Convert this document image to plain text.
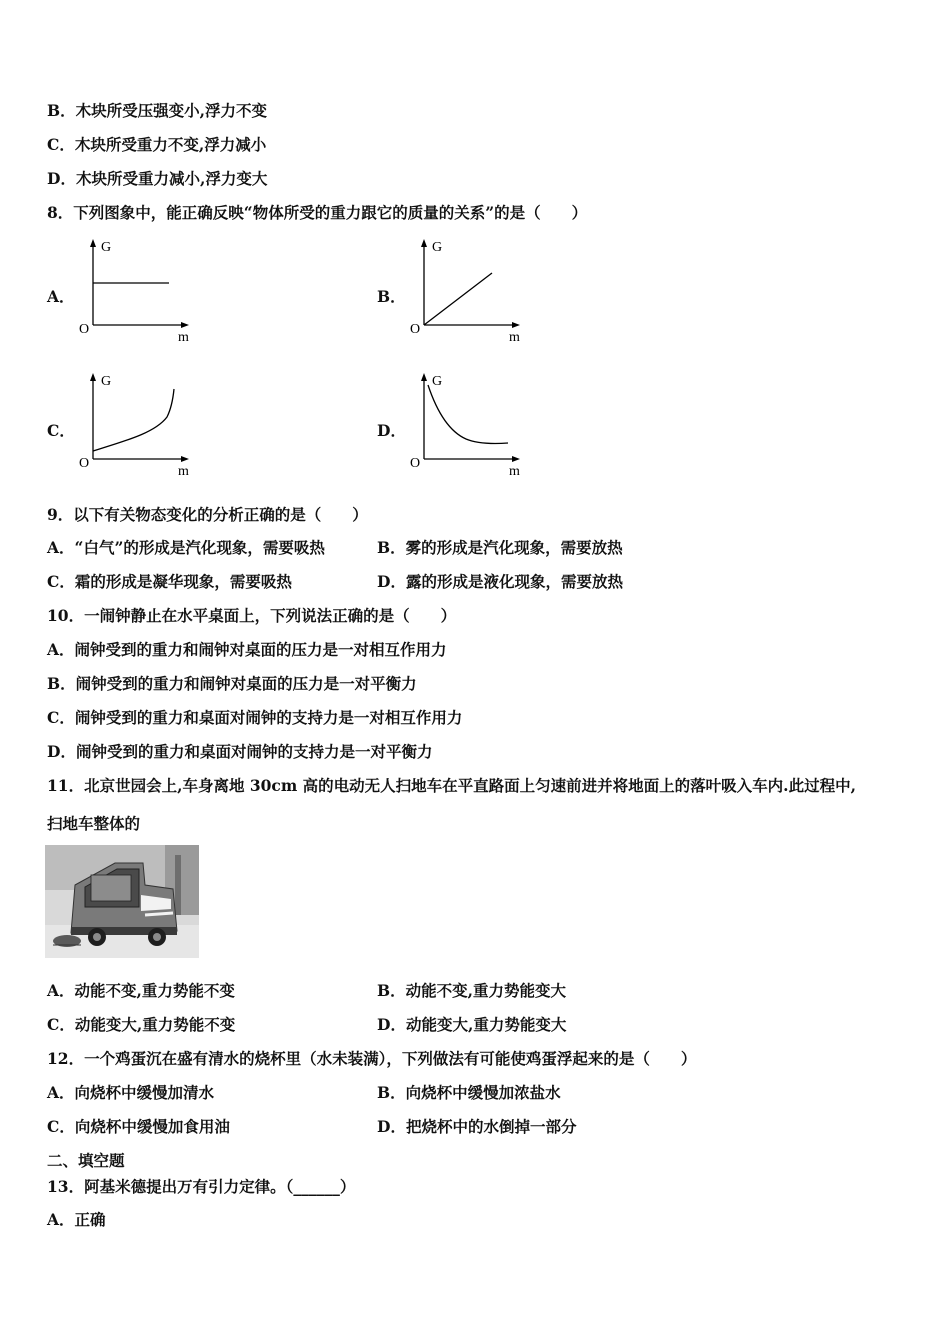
B．木块所受压强变小,浮力不变
C．木块所受重力不变,浮力减小
D．木块所受重力减小,浮力变大
8．下列图象中，能正确反映“物体所受的重力跟它的质量的关系”的是（　　）
A．
G
m
O
B．
G
m
O
C．
G
m
O
D．
G
m
O
9．以下有关物态变化的分析正确的是（　　）
A．“白气”的形成是汽化现象，需要吸热	B．雾的形成是汽化现象，需要放热
C．霜的形成是凝华现象，需要吸热	D．露的形成是液化现象，需要放热
10．一闹钟静止在水平桌面上，下列说法正确的是（　　）
A．闹钟受到的重力和闹钟对桌面的压力是一对相互作用力
B．闹钟受到的重力和闹钟对桌面的压力是一对平衡力
C．闹钟受到的重力和桌面对闹钟的支持力是一对相互作用力
D．闹钟受到的重力和桌面对闹钟的支持力是一对平衡力
11．北京世园会上,车身离地 30cm 高的电动无人扫地车在平直路面上匀速前进并将地面上的落叶吸入车内.此过程中,
扫地车整体的
A．动能不变,重力势能不变	B．动能不变,重力势能变大
C．动能变大,重力势能不变	D．动能变大,重力势能变大
12．一个鸡蛋沉在盛有清水的烧杯里（水未装满），下列做法有可能使鸡蛋浮起来的是（　　）
A．向烧杯中缓慢加清水	B．向烧杯中缓慢加浓盐水
C．向烧杯中缓慢加食用油	D．把烧杯中的水倒掉一部分
二、填空题
13．阿基米德提出万有引力定律。（______）
A．正确
